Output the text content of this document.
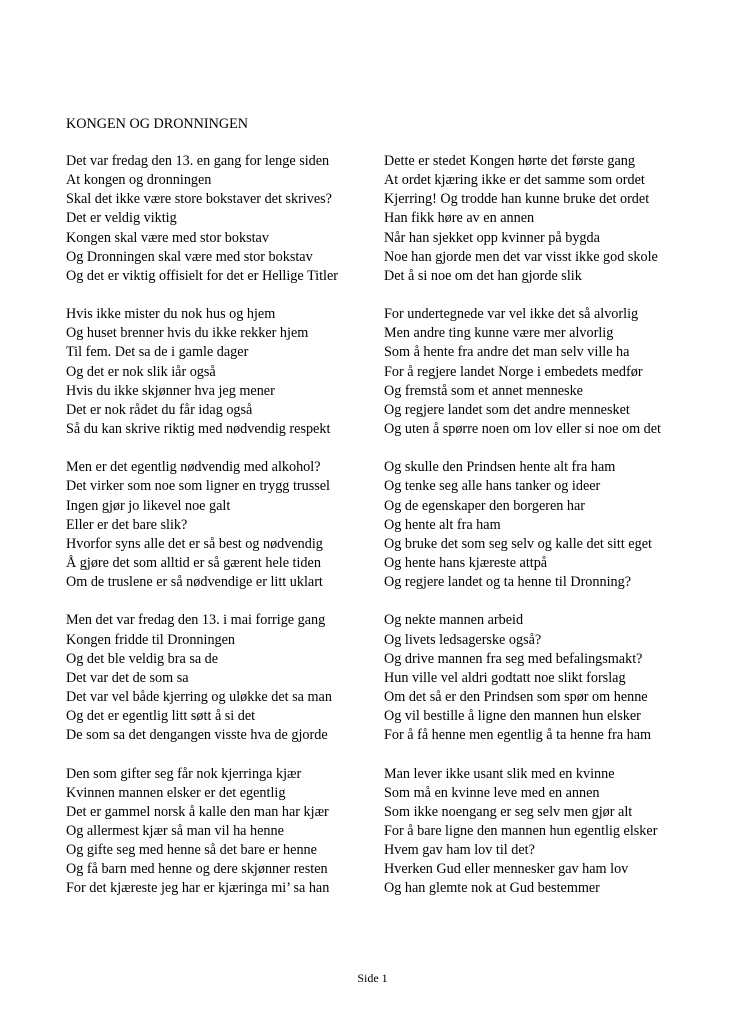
KONGEN OG DRONNINGEN
Det var fredag den 13. en gang for lenge siden
At kongen og dronningen
Skal det ikke være store bokstaver det skrives?
Det er veldig viktig
Kongen skal være med stor bokstav
Og Dronningen skal være med stor bokstav
Og det er viktig offisielt for det er Hellige Titler
Hvis ikke mister du nok hus og hjem
Og huset brenner hvis du ikke rekker hjem
Til fem. Det sa de i gamle dager
Og det er nok slik iår også
Hvis du ikke skjønner hva jeg mener
Det er nok rådet du får idag også
Så du kan skrive riktig med nødvendig respekt
Men er det egentlig nødvendig med alkohol?
Det virker som noe som ligner en trygg trussel
Ingen gjør jo likevel noe galt
Eller er det bare slik?
Hvorfor syns alle det er så best og nødvendig
Å gjøre det som alltid er så gærent hele tiden
Om de truslene er så nødvendige er litt uklart
Men det var fredag den 13. i mai forrige gang
Kongen fridde til Dronningen
Og det ble veldig bra sa de
Det var det de som sa
Det var vel både kjerring og uløkke det sa man
Og det er egentlig litt søtt å si det
De som sa det dengangen visste hva de gjorde
Den som gifter seg får nok kjerringa kjær
Kvinnen mannen elsker er det egentlig
Det er gammel norsk å kalle den man har kjær
Og allermest kjær så man vil ha henne
Og gifte seg med henne så det bare er henne
Og få barn med henne og dere skjønner resten
For det kjæreste jeg har er kjæringa mi’ sa han
Dette er stedet Kongen hørte det første gang
At ordet kjæring ikke er det samme som ordet
Kjerring! Og trodde han kunne bruke det ordet
Han fikk høre av en annen
Når han sjekket opp kvinner på bygda
Noe han gjorde men det var visst ikke god skole
Det å si noe om det han gjorde slik
For undertegnede var vel ikke det så alvorlig
Men andre ting kunne være mer alvorlig
Som å hente fra andre det man selv ville ha
For å regjere landet Norge i embedets medfør
Og fremstå som et annet menneske
Og regjere landet som det andre mennesket
Og uten å spørre noen om lov eller si noe om det
Og skulle den Prindsen hente alt fra ham
Og tenke seg alle hans tanker og ideer
Og de egenskaper den borgeren har
Og hente alt fra ham
Og bruke det som seg selv og kalle det sitt eget
Og hente hans kjæreste attpå
Og regjere landet og ta henne til Dronning?
Og nekte mannen arbeid
Og livets ledsagerske også?
Og drive mannen fra seg med befalingsmakt?
Hun ville vel aldri godtatt noe slikt forslag
Om det så er den Prindsen som spør om henne
Og vil bestille å ligne den mannen hun elsker
For å få henne men egentlig å ta henne fra ham
Man lever ikke usant slik med en kvinne
Som må en kvinne leve med en annen
Som ikke noengang er seg selv men gjør alt
For å bare ligne den mannen hun egentlig elsker
Hvem gav ham lov til det?
Hverken Gud eller mennesker gav ham lov
Og han glemte nok at Gud bestemmer
Side 1
